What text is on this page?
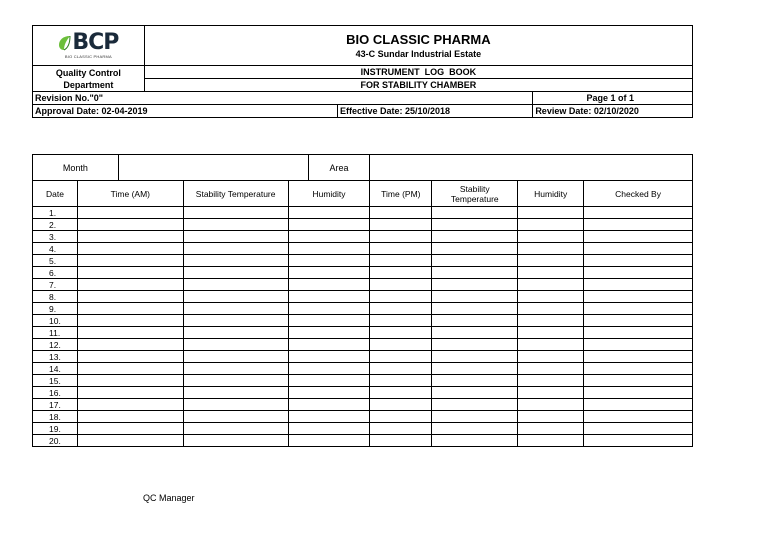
BCP
BIO CLASSIC PHARMA	BIO CLASSIC PHARMA
43-C Sundar Industrial Estate		

Quality Control
Department	INSTRUMENT  LOG  BOOK		
	FOR STABILITY CHAMBER		
Revision No."0"			Page 1 of 1
Approval Date: 02-04-2019		Effective Date: 25/10/2018	Review Date: 02/10/2020
Month					Area				
Date	Time (AM)		Stability Temperature	Humidity		Time (PM)	Stability Temperature	Humidity	Checked By
1.									
2.									
3.									
4.									
5.									
6.									
7.									
8.									
9.									
10.									
11.									
12.									
13.									
14.									
15.									
16.									
17.									
18.									
19.									
20.									
QC Manager
